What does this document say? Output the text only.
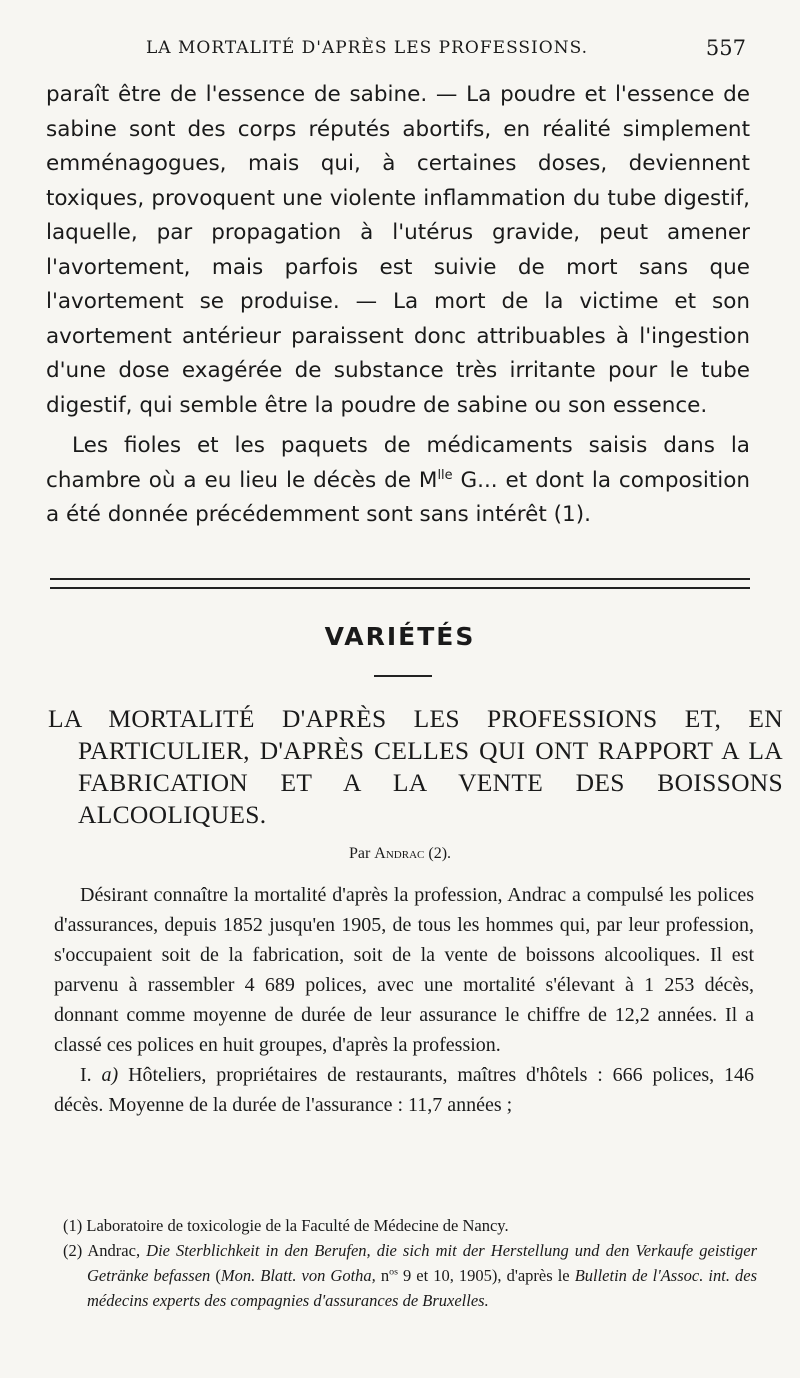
LA MORTALITÉ D'APRÈS LES PROFESSIONS.	557

paraît être de l'essence de sabine. — La poudre et l'essence de sabine sont des corps réputés abortifs, en réalité simplement emménagogues, mais qui, à certaines doses, deviennent toxiques, provoquent une violente inflammation du tube digestif, laquelle, par propagation à l'utérus gravide, peut amener l'avortement, mais parfois est suivie de mort sans que l'avortement se produise. — La mort de la victime et son avortement antérieur paraissent donc attribuables à l'ingestion d'une dose exagérée de substance très irritante pour le tube digestif, qui semble être la poudre de sabine ou son essence.

Les fioles et les paquets de médicaments saisis dans la chambre où a eu lieu le décès de $M^{lle}$ G... et dont la composition a été donnée précédemment sont sans intérêt (1).

VARIÉTÉS
LA MORTALITÉ D'APRÈS LES PROFESSIONS ET, EN PARTICULIER, D'APRÈS CELLES QUI ONT RAPPORT A LA FABRICATION ET A LA VENTE DES BOISSONS ALCOOLIQUES.
Par Andrac (2).

Désirant connaître la mortalité d'après la profession, Andrac a compulsé les polices d'assurances, depuis 1852 jusqu'en 1905, de tous les hommes qui, par leur profession, s'occupaient soit de la fabrication, soit de la vente de boissons alcooliques. Il est parvenu à rassembler 4 689 polices, avec une mortalité s'élevant à 1 253 décès, donnant comme moyenne de durée de leur assurance le chiffre de 12,2 années. Il a classé ces polices en huit groupes, d'après la profession.

I. a) Hôteliers, propriétaires de restaurants, maîtres d'hôtels : 666 polices, 146 décès. Moyenne de la durée de l'assurance : 11,7 années ;

(1) Laboratoire de toxicologie de la Faculté de Médecine de Nancy.

(2) Andrac, Die Sterblichkeit in den Berufen, die sich mit der Herstellung und den Verkaufe geistiger Getränke befassen (Mon. Blatt. von Gotha, $n^{os}$ 9 et 10, 1905), d'après le Bulletin de l'Assoc. int. des médecins experts des compagnies d'assurances de Bruxelles.
